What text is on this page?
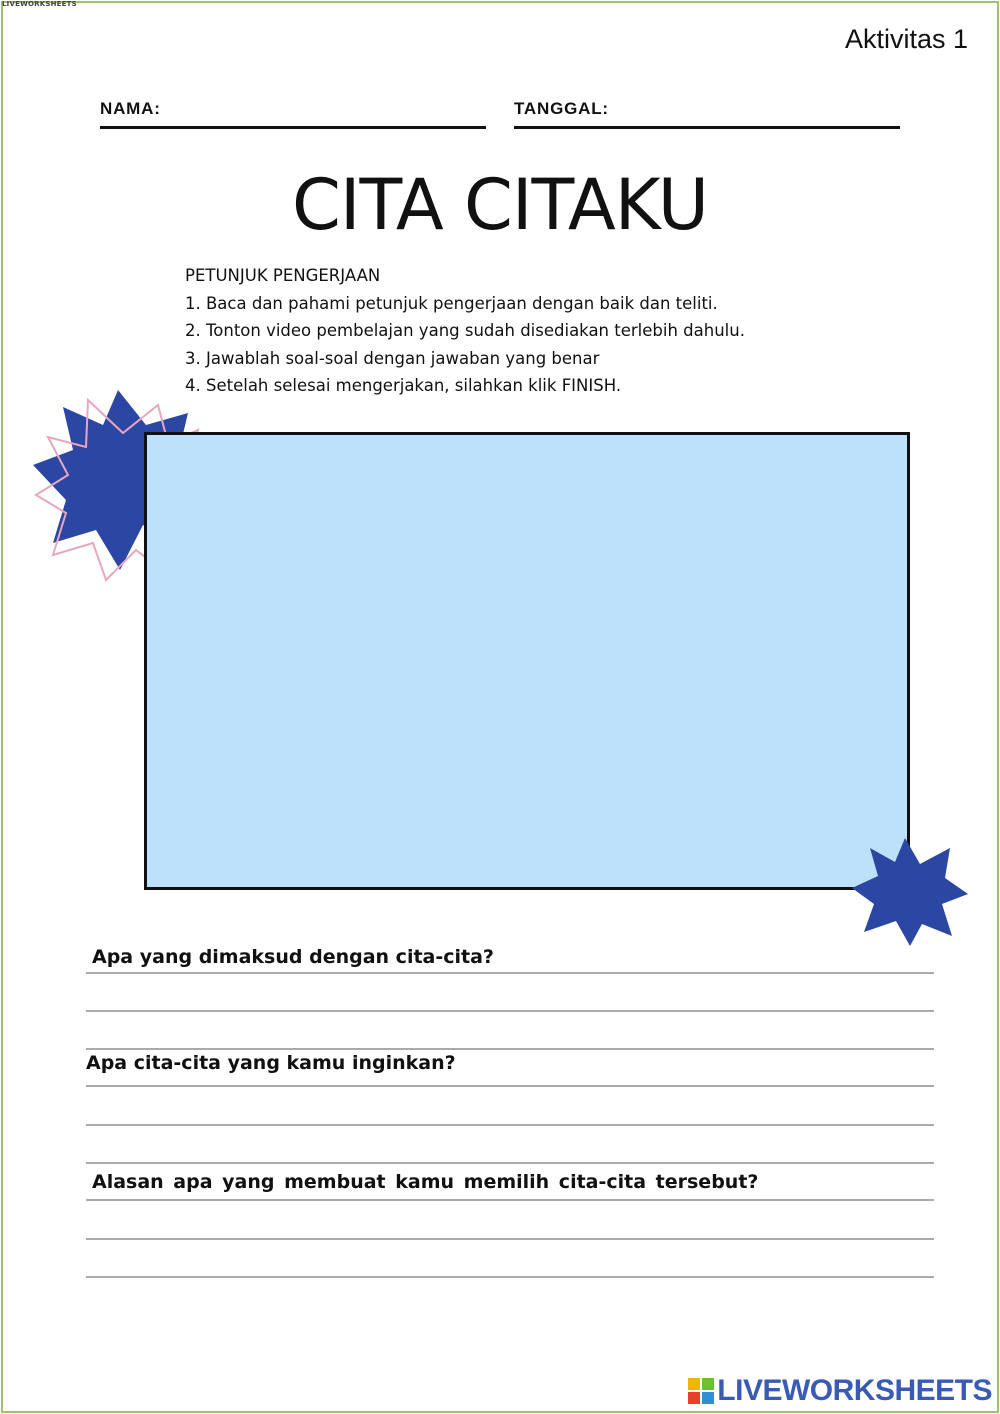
LIVEWORKSHEETS
Aktivitas 1
NAMA:	TANGGAL:
CITA CITAKU
PETUNJUK PENGERJAAN
1. Baca dan pahami petunjuk pengerjaan dengan baik dan teliti.
2. Tonton video pembelajan yang sudah disediakan terlebih dahulu.
3. Jawablah soal-soal dengan jawaban yang benar
4. Setelah selesai mengerjakan, silahkan klik FINISH.
Apa yang dimaksud dengan cita-cita?
Apa cita-cita yang kamu inginkan?
Alasan apa yang membuat kamu memilih cita-cita tersebut?
LIVEWORKSHEETS
